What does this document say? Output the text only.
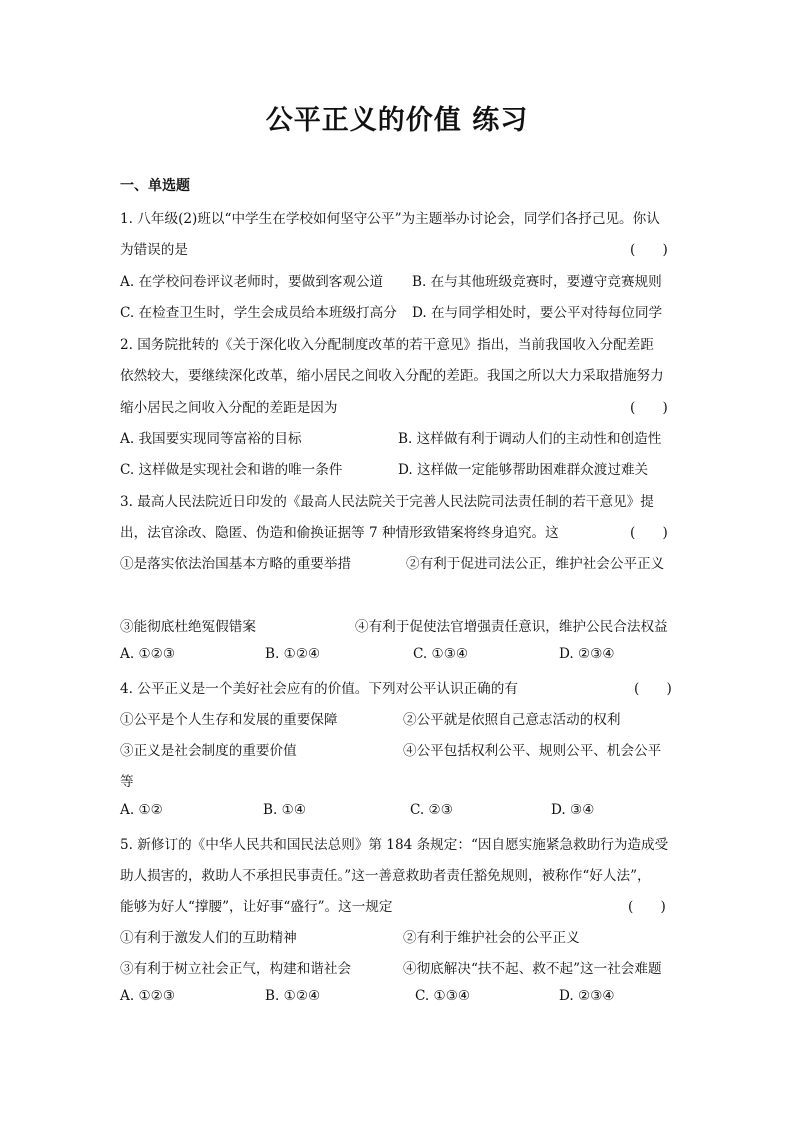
公平正义的价值 练习
一、单选题
1. 八年级(2)班以“中学生在学校如何坚守公平”为主题举办讨论会，同学们各抒己见。你认
为错误的是	(　　)
A. 在学校问卷评议老师时，要做到客观公道 B. 在与其他班级竞赛时，要遵守竞赛规则
C. 在检查卫生时，学生会成员给本班级打高分 D. 在与同学相处时，要公平对待每位同学
2. 国务院批转的《关于深化收入分配制度改革的若干意见》指出，当前我国收入分配差距
依然较大，要继续深化改革，缩小居民之间收入分配的差距。我国之所以大力采取措施努力
缩小居民之间收入分配的差距是因为	(　　)
A. 我国要实现同等富裕的目标	B. 这样做有利于调动人们的主动性和创造性
C. 这样做是实现社会和谐的唯一条件	D. 这样做一定能够帮助困难群众渡过难关
3. 最高人民法院近日印发的《最高人民法院关于完善人民法院司法责任制的若干意见》提
出，法官涂改、隐匿、伪造和偷换证据等 7 种情形致错案将终身追究。这	(　　)
①是落实依法治国基本方略的重要举措	②有利于促进司法公正，维护社会公平正义
③能彻底杜绝冤假错案	④有利于促使法官增强责任意识，维护公民合法权益
A. ①②③	B. ①②④	C. ①③④	D. ②③④
4. 公平正义是一个美好社会应有的价值。下列对公平认识正确的有	(　　)
①公平是个人生存和发展的重要保障	②公平就是依照自己意志活动的权利
③正义是社会制度的重要价值	④公平包括权利公平、规则公平、机会公平
等
A. ①②	B. ①④	C. ②③	D. ③④
5. 新修订的《中华人民共和国民法总则》第 184 条规定：“因自愿实施紧急救助行为造成受
助人损害的，救助人不承担民事责任。”这一善意救助者责任豁免规则，被称作“好人法”，
能够为好人“撑腰”，让好事“盛行”。这一规定	(　　)
①有利于激发人们的互助精神	②有利于维护社会的公平正义
③有利于树立社会正气，构建和谐社会	④彻底解决“扶不起、救不起”这一社会难题
A. ①②③	B. ①②④	C. ①③④	D. ②③④
